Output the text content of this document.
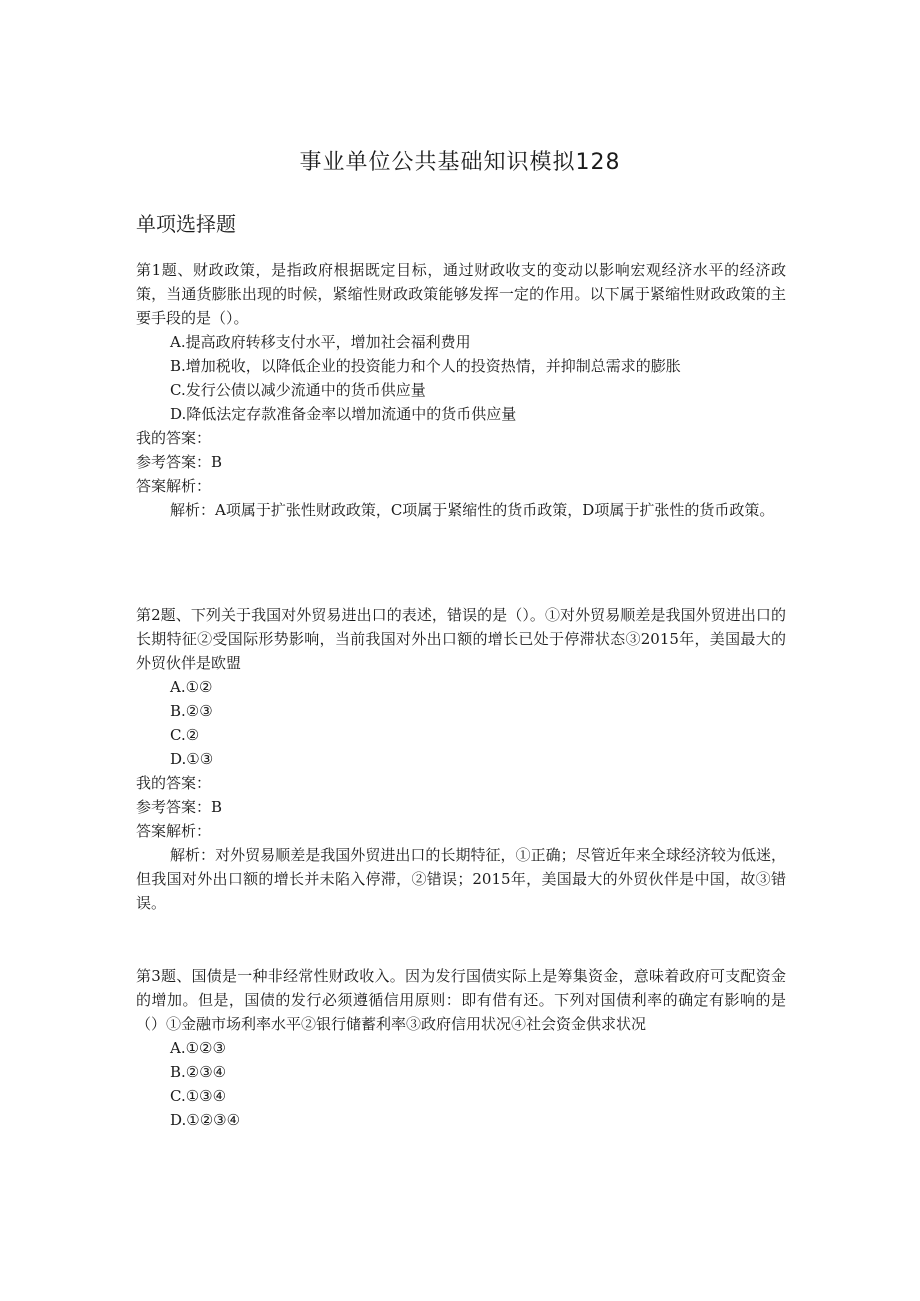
事业单位公共基础知识模拟128
单项选择题

第1题、财政政策，是指政府根据既定目标，通过财政收支的变动以影响宏观经济水平的经济政策，当通货膨胀出现的时候，紧缩性财政政策能够发挥一定的作用。以下属于紧缩性财政政策的主要手段的是（）。

A.提高政府转移支付水平，增加社会福利费用

B.增加税收，以降低企业的投资能力和个人的投资热情，并抑制总需求的膨胀

C.发行公债以减少流通中的货币供应量

D.降低法定存款准备金率以增加流通中的货币供应量

我的答案：

参考答案：B

答案解析：

解析：A项属于扩张性财政政策，C项属于紧缩性的货币政策，D项属于扩张性的货币政策。

第2题、下列关于我国对外贸易进出口的表述，错误的是（）。①对外贸易顺差是我国外贸进出口的长期特征②受国际形势影响，当前我国对外出口额的增长已处于停滞状态③2015年，美国最大的外贸伙伴是欧盟

A.①②

B.②③

C.②

D.①③

我的答案：

参考答案：B

答案解析：

解析：对外贸易顺差是我国外贸进出口的长期特征，①正确；尽管近年来全球经济较为低迷，但我国对外出口额的增长并未陷入停滞，②错误；2015年，美国最大的外贸伙伴是中国，故③错误。

第3题、国债是一种非经常性财政收入。因为发行国债实际上是筹集资金，意味着政府可支配资金的增加。但是，国债的发行必须遵循信用原则：即有借有还。下列对国债利率的确定有影响的是（）①金融市场利率水平②银行储蓄利率③政府信用状况④社会资金供求状况

A.①②③

B.②③④

C.①③④

D.①②③④
